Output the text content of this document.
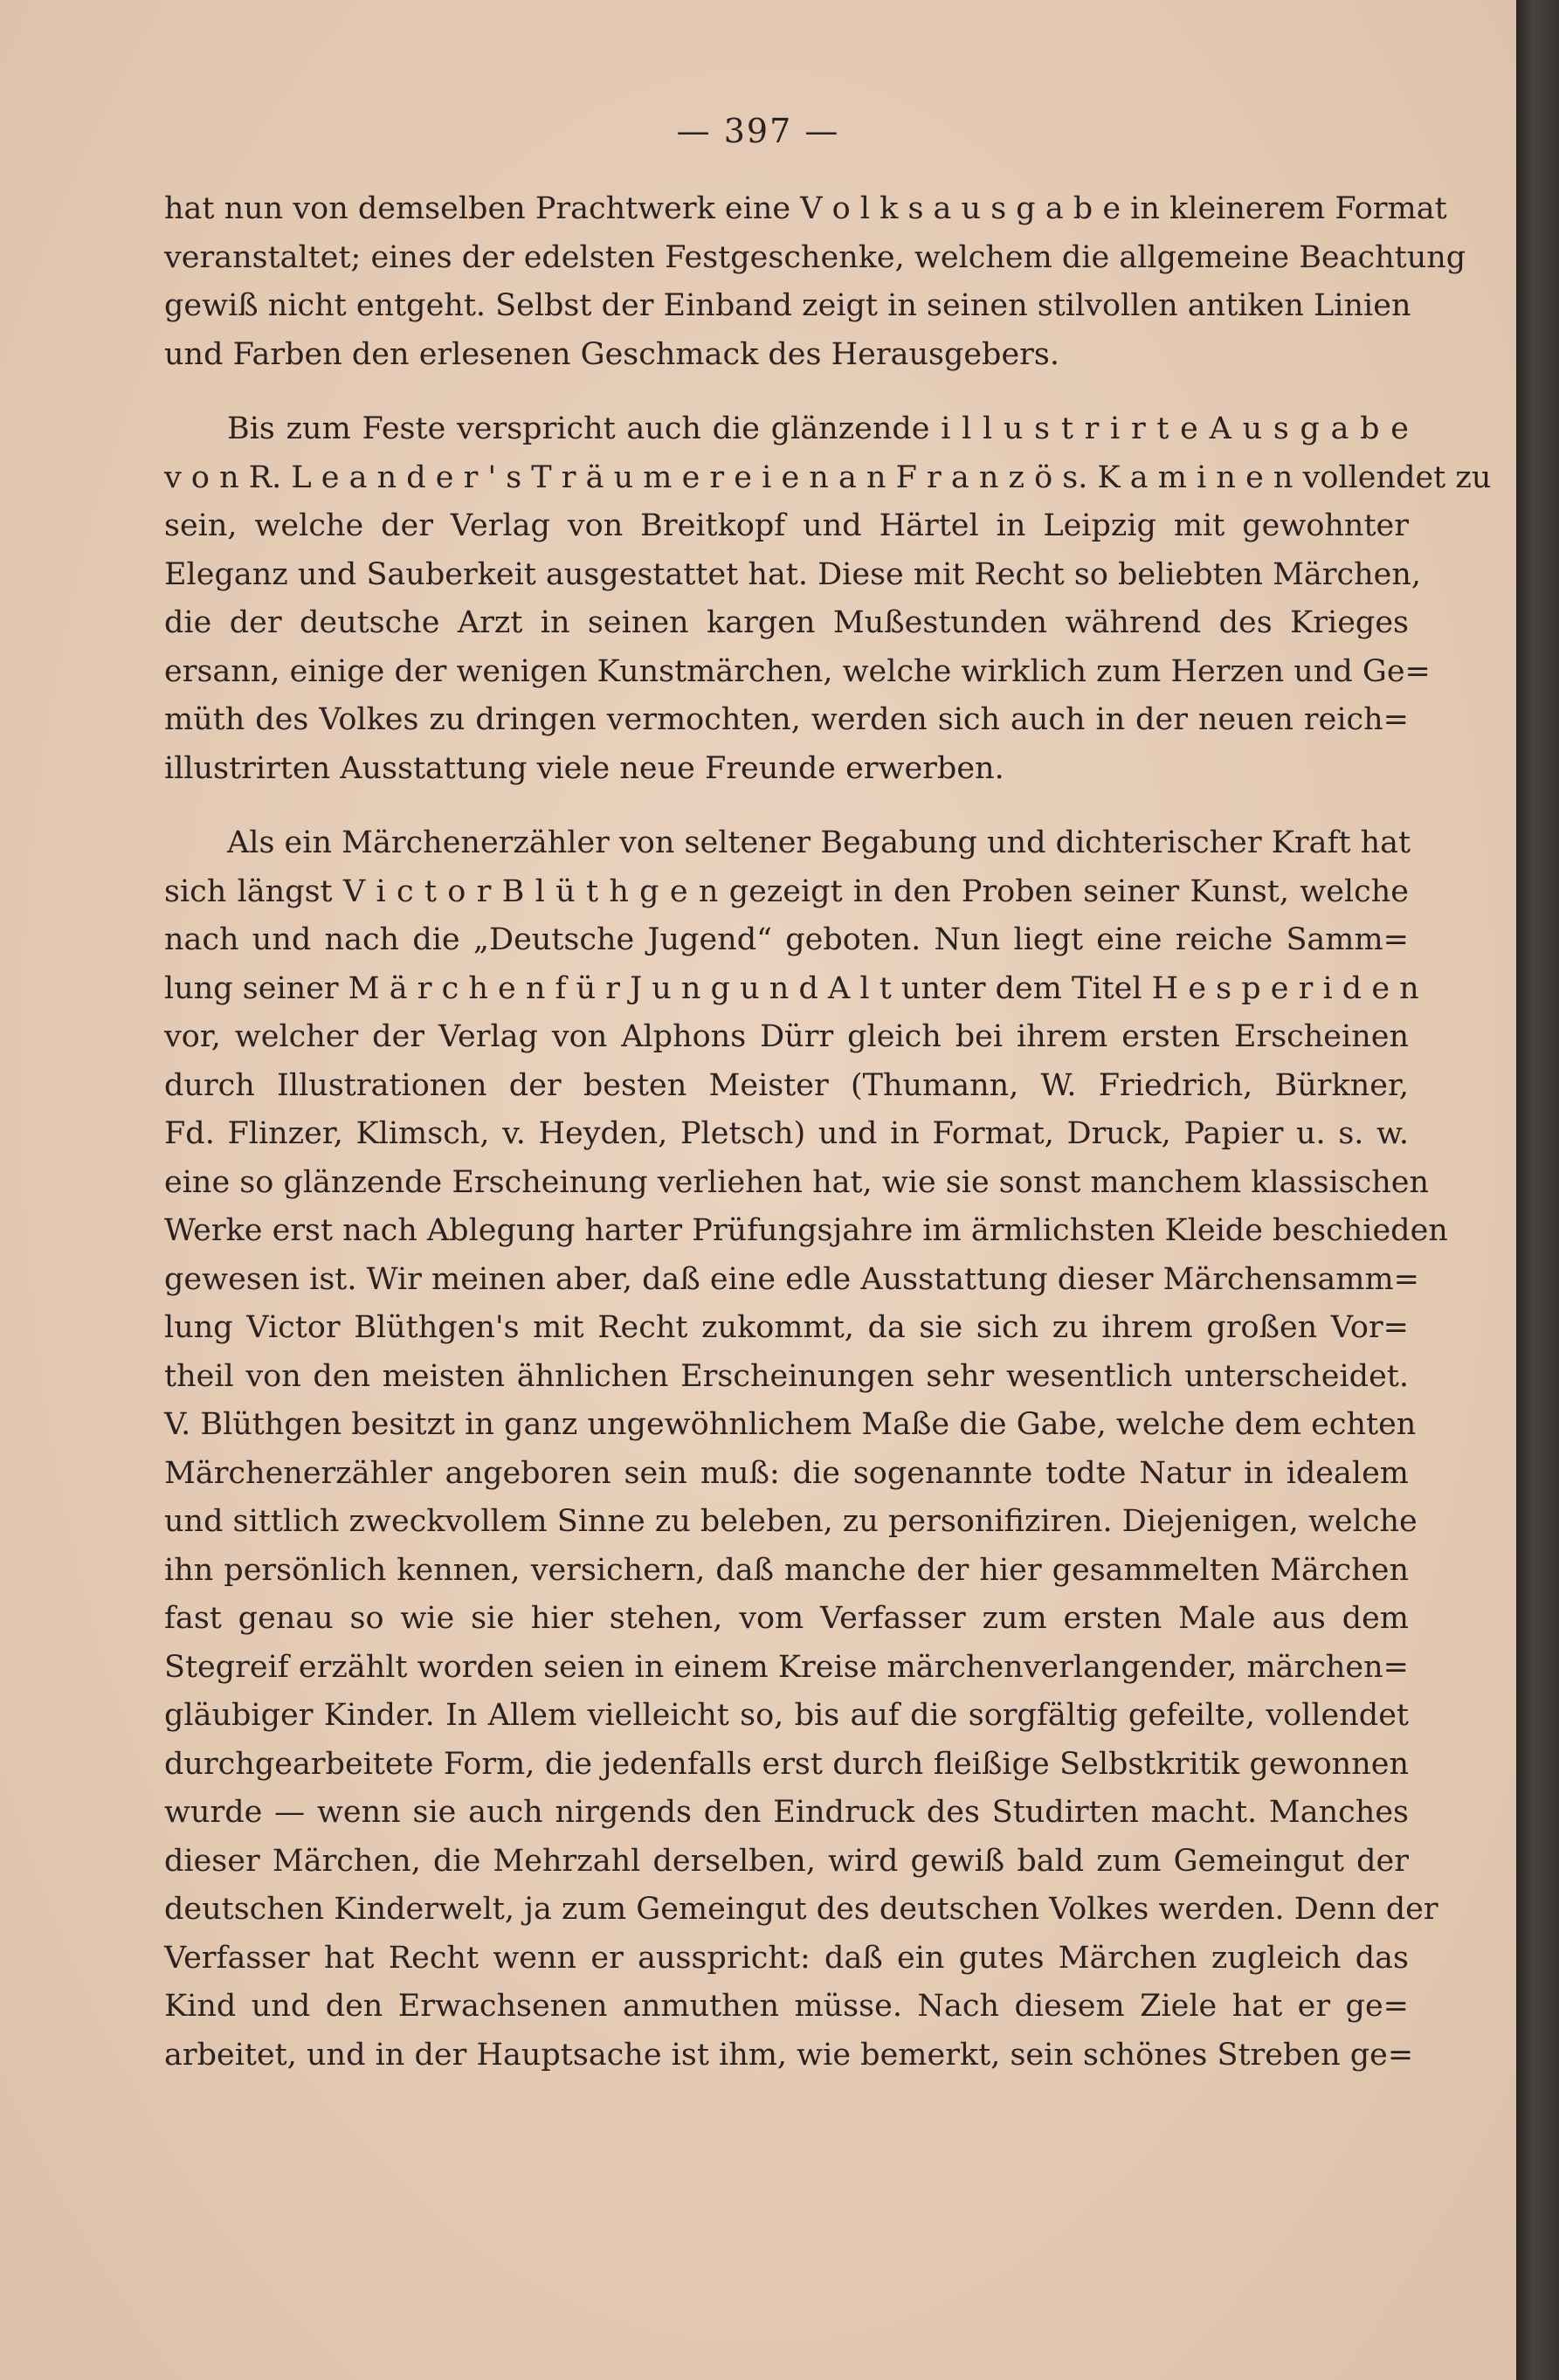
— 397 —
hat nun von demselben Prachtwerk eine V o l k s a u s g a b e in kleinerem Format
veranstaltet; eines der edelsten Festgeschenke, welchem die allgemeine Beachtung
gewiß nicht entgeht. Selbst der Einband zeigt in seinen stilvollen antiken Linien
und Farben den erlesenen Geschmack des Herausgebers.
Bis zum Feste verspricht auch die glänzende i l l u s t r i r t e A u s g a b e
v o n R. L e a n d e r ' s T r ä u m e r e i e n a n F r a n z ö s. K a m i n e n vollendet zu
sein, welche der Verlag von Breitkopf und Härtel in Leipzig mit gewohnter
Eleganz und Sauberkeit ausgestattet hat. Diese mit Recht so beliebten Märchen,
die der deutsche Arzt in seinen kargen Mußestunden während des Krieges
ersann, einige der wenigen Kunstmärchen, welche wirklich zum Herzen und Ge=
müth des Volkes zu dringen vermochten, werden sich auch in der neuen reich=
illustrirten Ausstattung viele neue Freunde erwerben.
Als ein Märchenerzähler von seltener Begabung und dichterischer Kraft hat
sich längst V i c t o r B l ü t h g e n gezeigt in den Proben seiner Kunst, welche
nach und nach die „Deutsche Jugend“ geboten. Nun liegt eine reiche Samm=
lung seiner M ä r c h e n f ü r J u n g u n d A l t unter dem Titel H e s p e r i d e n
vor, welcher der Verlag von Alphons Dürr gleich bei ihrem ersten Erscheinen
durch Illustrationen der besten Meister (Thumann, W. Friedrich, Bürkner,
Fd. Flinzer, Klimsch, v. Heyden, Pletsch) und in Format, Druck, Papier u. s. w.
eine so glänzende Erscheinung verliehen hat, wie sie sonst manchem klassischen
Werke erst nach Ablegung harter Prüfungsjahre im ärmlichsten Kleide beschieden
gewesen ist. Wir meinen aber, daß eine edle Ausstattung dieser Märchensamm=
lung Victor Blüthgen's mit Recht zukommt, da sie sich zu ihrem großen Vor=
theil von den meisten ähnlichen Erscheinungen sehr wesentlich unterscheidet.
V. Blüthgen besitzt in ganz ungewöhnlichem Maße die Gabe, welche dem echten
Märchenerzähler angeboren sein muß: die sogenannte todte Natur in idealem
und sittlich zweckvollem Sinne zu beleben, zu personifiziren. Diejenigen, welche
ihn persönlich kennen, versichern, daß manche der hier gesammelten Märchen
fast genau so wie sie hier stehen, vom Verfasser zum ersten Male aus dem
Stegreif erzählt worden seien in einem Kreise märchenverlangender, märchen=
gläubiger Kinder. In Allem vielleicht so, bis auf die sorgfältig gefeilte, vollendet
durchgearbeitete Form, die jedenfalls erst durch fleißige Selbstkritik gewonnen
wurde — wenn sie auch nirgends den Eindruck des Studirten macht. Manches
dieser Märchen, die Mehrzahl derselben, wird gewiß bald zum Gemeingut der
deutschen Kinderwelt, ja zum Gemeingut des deutschen Volkes werden. Denn der
Verfasser hat Recht wenn er ausspricht: daß ein gutes Märchen zugleich das
Kind und den Erwachsenen anmuthen müsse. Nach diesem Ziele hat er ge=
arbeitet, und in der Hauptsache ist ihm, wie bemerkt, sein schönes Streben ge=
